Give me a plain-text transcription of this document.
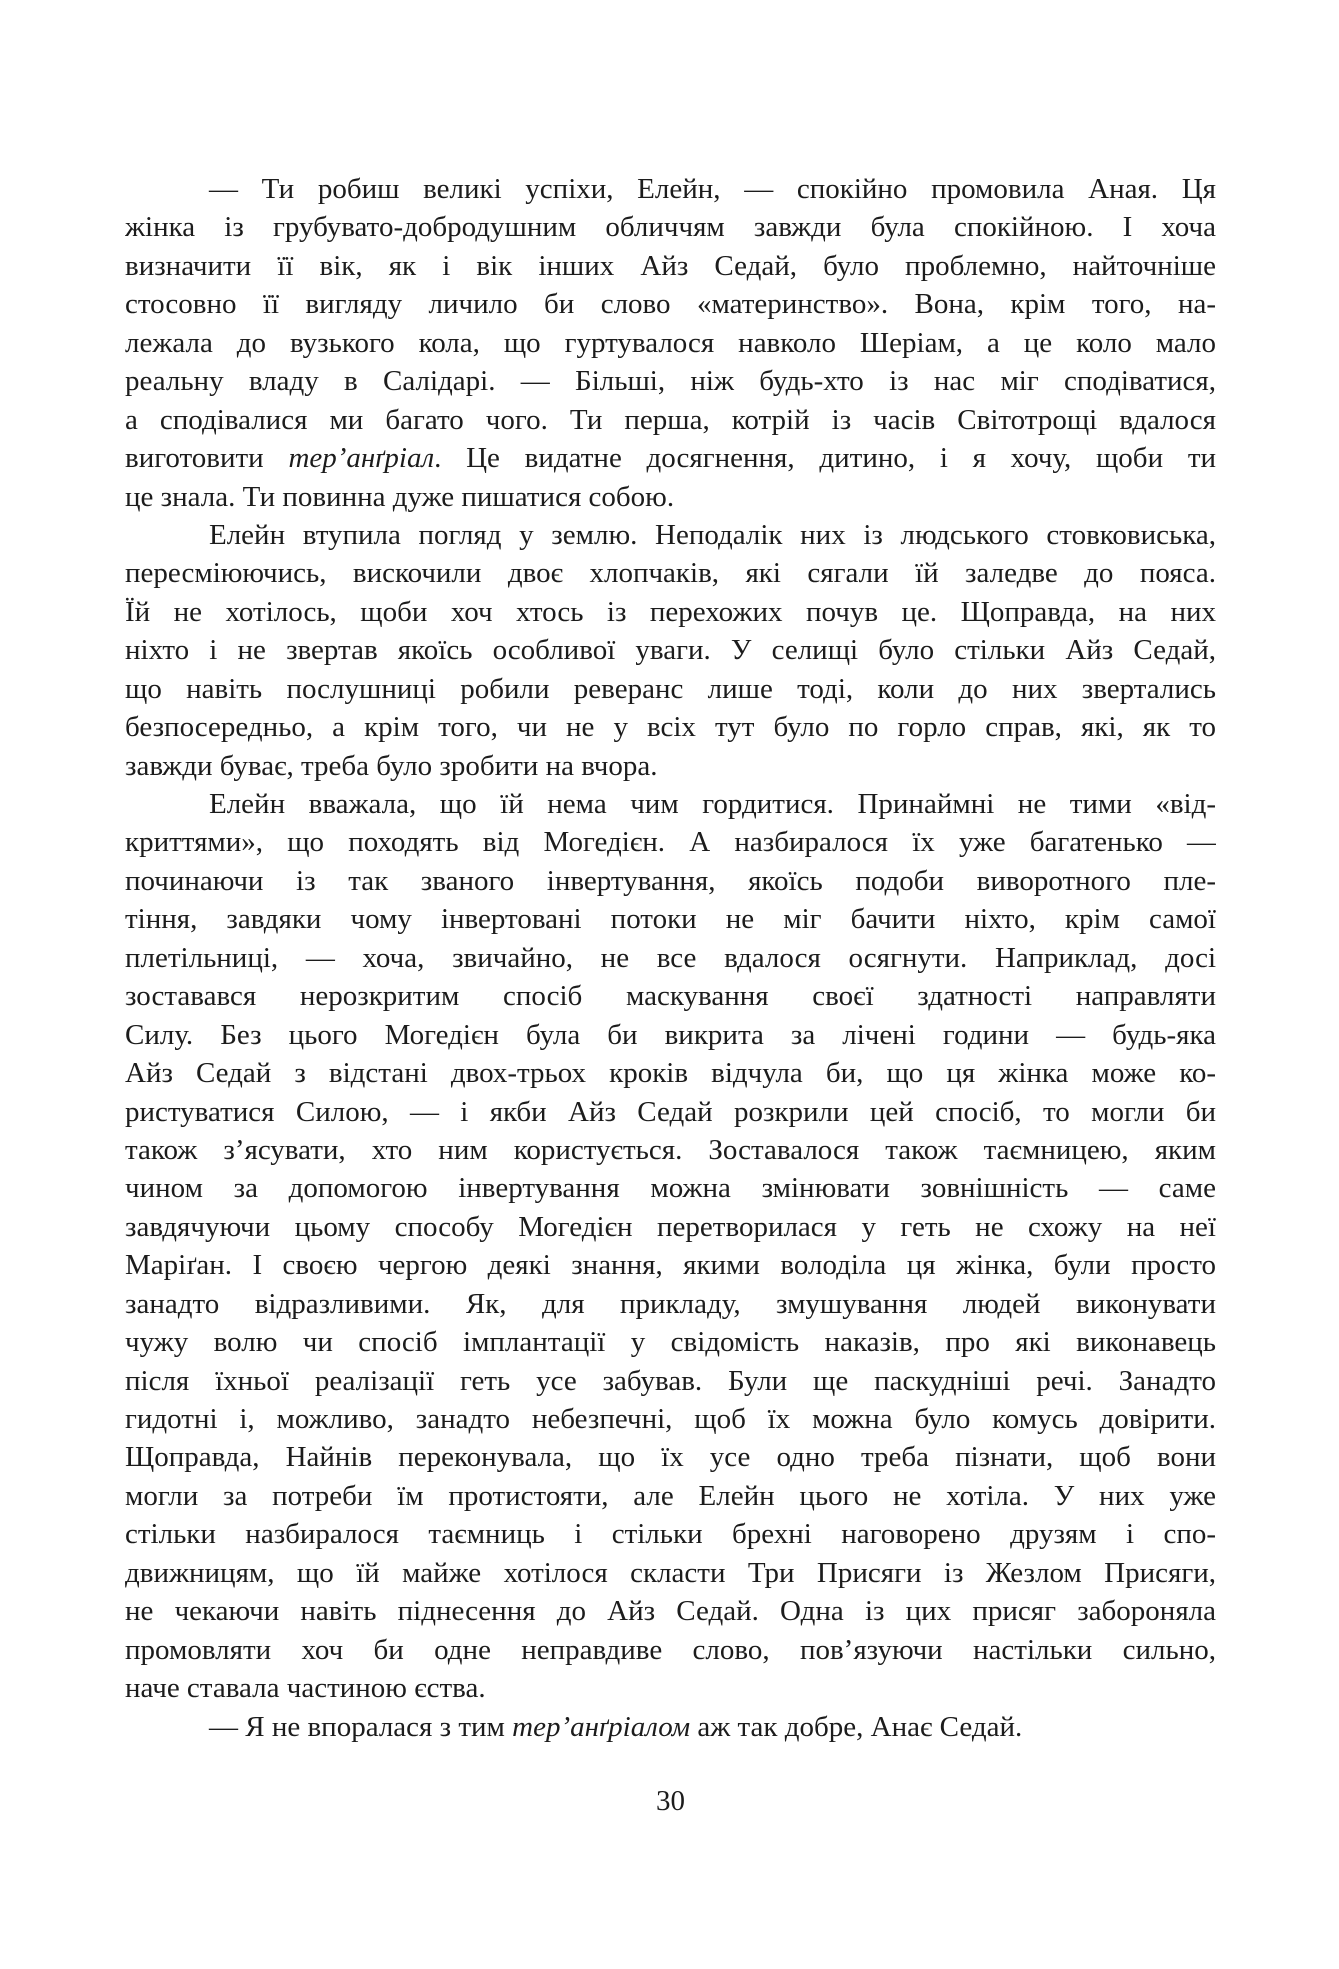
— Ти робиш великі успіхи, Елейн, — спокійно промовила Аная. Ця
жінка із грубувато-добродушним обличчям завжди була спокійною. І хоча
визначити її вік, як і вік інших Айз Седай, було проблемно, найточніше
стосовно її вигляду личило би слово «материнство». Вона, крім того, на-
лежала до вузького кола, що гуртувалося навколо Шеріам, а це коло мало
реальну владу в Салідарі. — Більші, ніж будь-хто із нас міг сподіватися,
а сподівалися ми багато чого. Ти перша, котрій із часів Світотрощі вдалося
виготовити тер’анґріал. Це видатне досягнення, дитино, і я хочу, щоби ти
це знала. Ти повинна дуже пишатися собою.
Елейн втупила погляд у землю. Неподалік них із людського стовковиська,
пересміюючись, вискочили двоє хлопчаків, які сягали їй заледве до пояса.
Їй не хотілось, щоби хоч хтось із перехожих почув це. Щоправда, на них
ніхто і не звертав якоїсь особливої уваги. У селищі було стільки Айз Седай,
що навіть послушниці робили реверанс лише тоді, коли до них звертались
безпосередньо, а крім того, чи не у всіх тут було по горло справ, які, як то
завжди буває, треба було зробити на вчора.
Елейн вважала, що їй нема чим гордитися. Принаймні не тими «від-
криттями», що походять від Могедієн. А назбиралося їх уже багатенько —
починаючи із так званого інвертування, якоїсь подоби виворотного пле-
тіння, завдяки чому інвертовані потоки не міг бачити ніхто, крім самої
плетільниці, — хоча, звичайно, не все вдалося осягнути. Наприклад, досі
зоставався нерозкритим спосіб маскування своєї здатності направляти
Силу. Без цього Могедієн була би викрита за лічені години — будь-яка
Айз Седай з відстані двох-трьох кроків відчула би, що ця жінка може ко-
ристуватися Силою, — і якби Айз Седай розкрили цей спосіб, то могли би
також з’ясувати, хто ним користується. Зоставалося також таємницею, яким
чином за допомогою інвертування можна змінювати зовнішність — саме
завдячуючи цьому способу Могедієн перетворилася у геть не схожу на неї
Маріґан. І своєю чергою деякі знання, якими володіла ця жінка, були просто
занадто відразливими. Як, для прикладу, змушування людей виконувати
чужу волю чи спосіб імплантації у свідомість наказів, про які виконавець
після їхньої реалізації геть усе забував. Були ще паскудніші речі. Занадто
гидотні і, можливо, занадто небезпечні, щоб їх можна було комусь довірити.
Щоправда, Найнів переконувала, що їх усе одно треба пізнати, щоб вони
могли за потреби їм протистояти, але Елейн цього не хотіла. У них уже
стільки назбиралося таємниць і стільки брехні наговорено друзям і спо-
движницям, що їй майже хотілося скласти Три Присяги із Жезлом Присяги,
не чекаючи навіть піднесення до Айз Седай. Одна із цих присяг забороняла
промовляти хоч би одне неправдиве слово, пов’язуючи настільки сильно,
наче ставала частиною єства.
— Я не впоралася з тим тер’анґріалом аж так добре, Анає Седай.
30
